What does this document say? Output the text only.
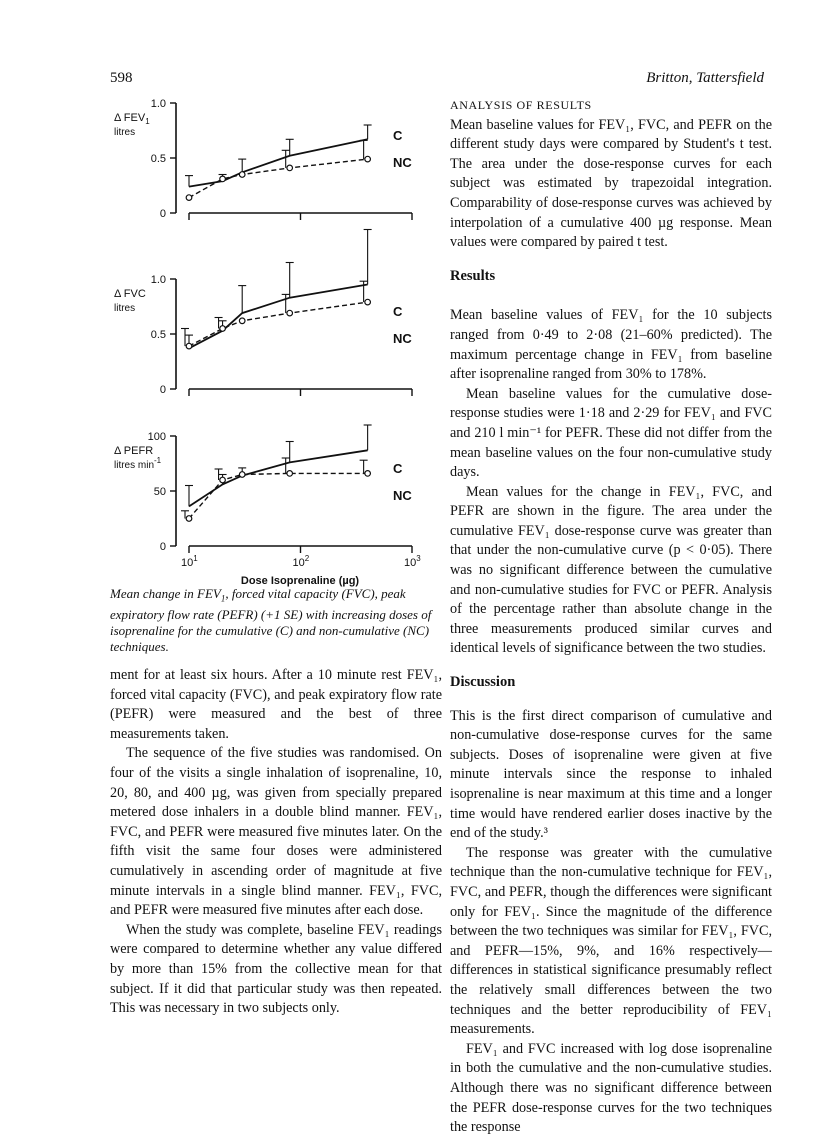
598	Britton, Tattersfield
1.0
0.5
0
Δ $FEV_1$
litres	C
NC
1.0
0.5
0
Δ FVC
litres	C
NC
100
50
0
Δ PEFR
litres $\min^{-1}$
C
NC
$10^1$	$10^2$	$10^3$
Dose Isoprenaline (µg)
Mean change in $FEV_1$, forced vital capacity (FVC), peak expiratory flow rate (PEFR) (+1 SE) with increasing doses of isoprenaline for the cumulative (C) and non-cumulative (NC) techniques.

ment for at least six hours. After a 10 minute rest FEV₁, forced vital capacity (FVC), and peak expiratory flow rate (PEFR) were measured and the best of three measurements taken.

The sequence of the five studies was randomised. On four of the visits a single inhalation of isoprenaline, 10, 20, 80, and 400 µg, was given from specially prepared metered dose inhalers in a double blind manner. FEV₁, FVC, and PEFR were measured five minutes later. On the fifth visit the same four doses were administered cumulatively in ascending order of magnitude at five minute intervals in a single blind manner. FEV₁, FVC, and PEFR were measured five minutes after each dose.

When the study was complete, baseline FEV₁ readings were compared to determine whether any value differed by more than 15% from the collective mean for that subject. If it did that particular study was then repeated. This was necessary in two subjects only.

ANALYSIS OF RESULTS

Mean baseline values for FEV₁, FVC, and PEFR on the different study days were compared by Student's t test. The area under the dose-response curves for each subject was estimated by trapezoidal integration. Comparability of dose-response curves was achieved by interpolation of a cumulative 400 µg response. Mean values were compared by paired t test.

Results

Mean baseline values of FEV₁ for the 10 subjects ranged from 0·49 to 2·08 (21–60% predicted). The maximum percentage change in FEV₁ from baseline after isoprenaline ranged from 30% to 178%.

Mean baseline values for the cumulative dose-response studies were 1·18 and 2·29 for FEV₁ and FVC and 210 l min⁻¹ for PEFR. These did not differ from the mean baseline values on the four non-cumulative study days.

Mean values for the change in FEV₁, FVC, and PEFR are shown in the figure. The area under the cumulative FEV₁ dose-response curve was greater than that under the non-cumulative curve (p < 0·05). There was no significant difference between the cumulative and non-cumulative studies for FVC or PEFR. Analysis of the percentage rather than absolute change in the three measurements produced similar curves and identical levels of significance between the two studies.

Discussion

This is the first direct comparison of cumulative and non-cumulative dose-response curves for the same subjects. Doses of isoprenaline were given at five minute intervals since the response to inhaled isoprenaline is near maximum at this time and a longer time would have rendered earlier doses inactive by the end of the study.³

The response was greater with the cumulative technique than the non-cumulative technique for FEV₁, FVC, and PEFR, though the differences were significant only for FEV₁. Since the magnitude of the difference between the two techniques was similar for FEV₁, FVC, and PEFR—15%, 9%, and 16% respectively—differences in statistical significance presumably reflect the relatively small differences between the two techniques and the better reproducibility of FEV₁ measurements.

FEV₁ and FVC increased with log dose isoprenaline in both the cumulative and the non-cumulative studies. Although there was no significant difference between the PEFR dose-response curves for the two techniques the response
